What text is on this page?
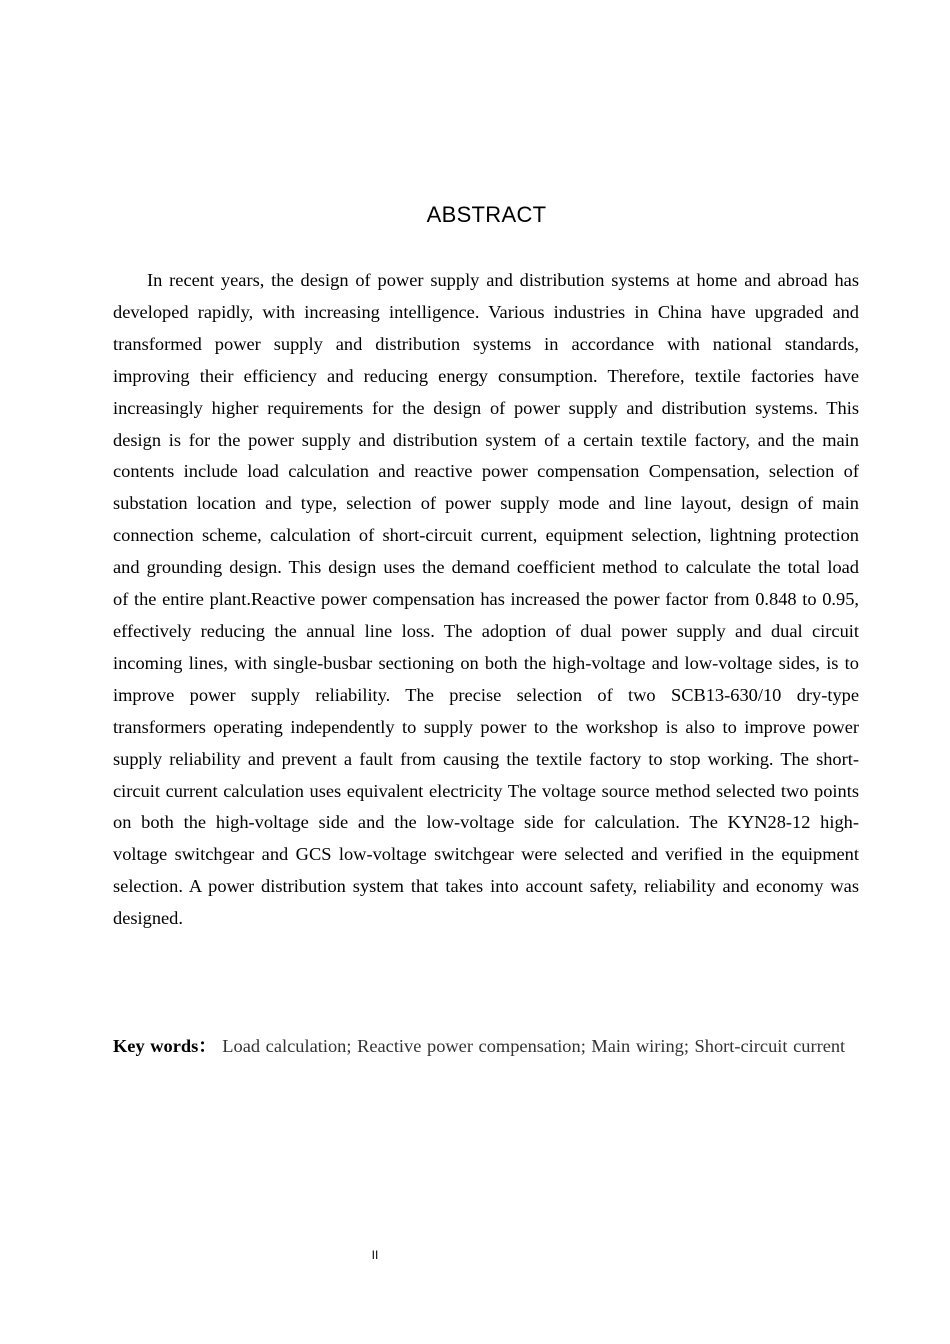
ABSTRACT

In recent years, the design of power supply and distribution systems at home and abroad has developed rapidly, with increasing intelligence. Various industries in China have upgraded and transformed power supply and distribution systems in accordance with national standards, improving their efficiency and reducing energy consumption. Therefore, textile factories have increasingly higher requirements for the design of power supply and distribution systems. This design is for the power supply and distribution system of a certain textile factory, and the main contents include load calculation and reactive power compensation Compensation, selection of substation location and type, selection of power supply mode and line layout, design of main connection scheme, calculation of short-circuit current, equipment selection, lightning protection and grounding design. This design uses the demand coefficient method to calculate the total load of the entire plant.Reactive power compensation has increased the power factor from 0.848 to 0.95, effectively reducing the annual line loss. The adoption of dual power supply and dual circuit incoming lines, with single-busbar sectioning on both the high-voltage and low-voltage sides, is to improve power supply reliability. The precise selection of two SCB13-630/10 dry-type transformers operating independently to supply power to the workshop is also to improve power supply reliability and prevent a fault from causing the textile factory to stop working. The short-circuit current calculation uses equivalent electricity The voltage source method selected two points on both the high-voltage side and the low-voltage side for calculation. The KYN28-12 high-voltage switchgear and GCS low-voltage switchgear were selected and verified in the equipment selection. A power distribution system that takes into account safety, reliability and economy was designed.

Key words： Load calculation; Reactive power compensation; Main wiring; Short-circuit current

II
